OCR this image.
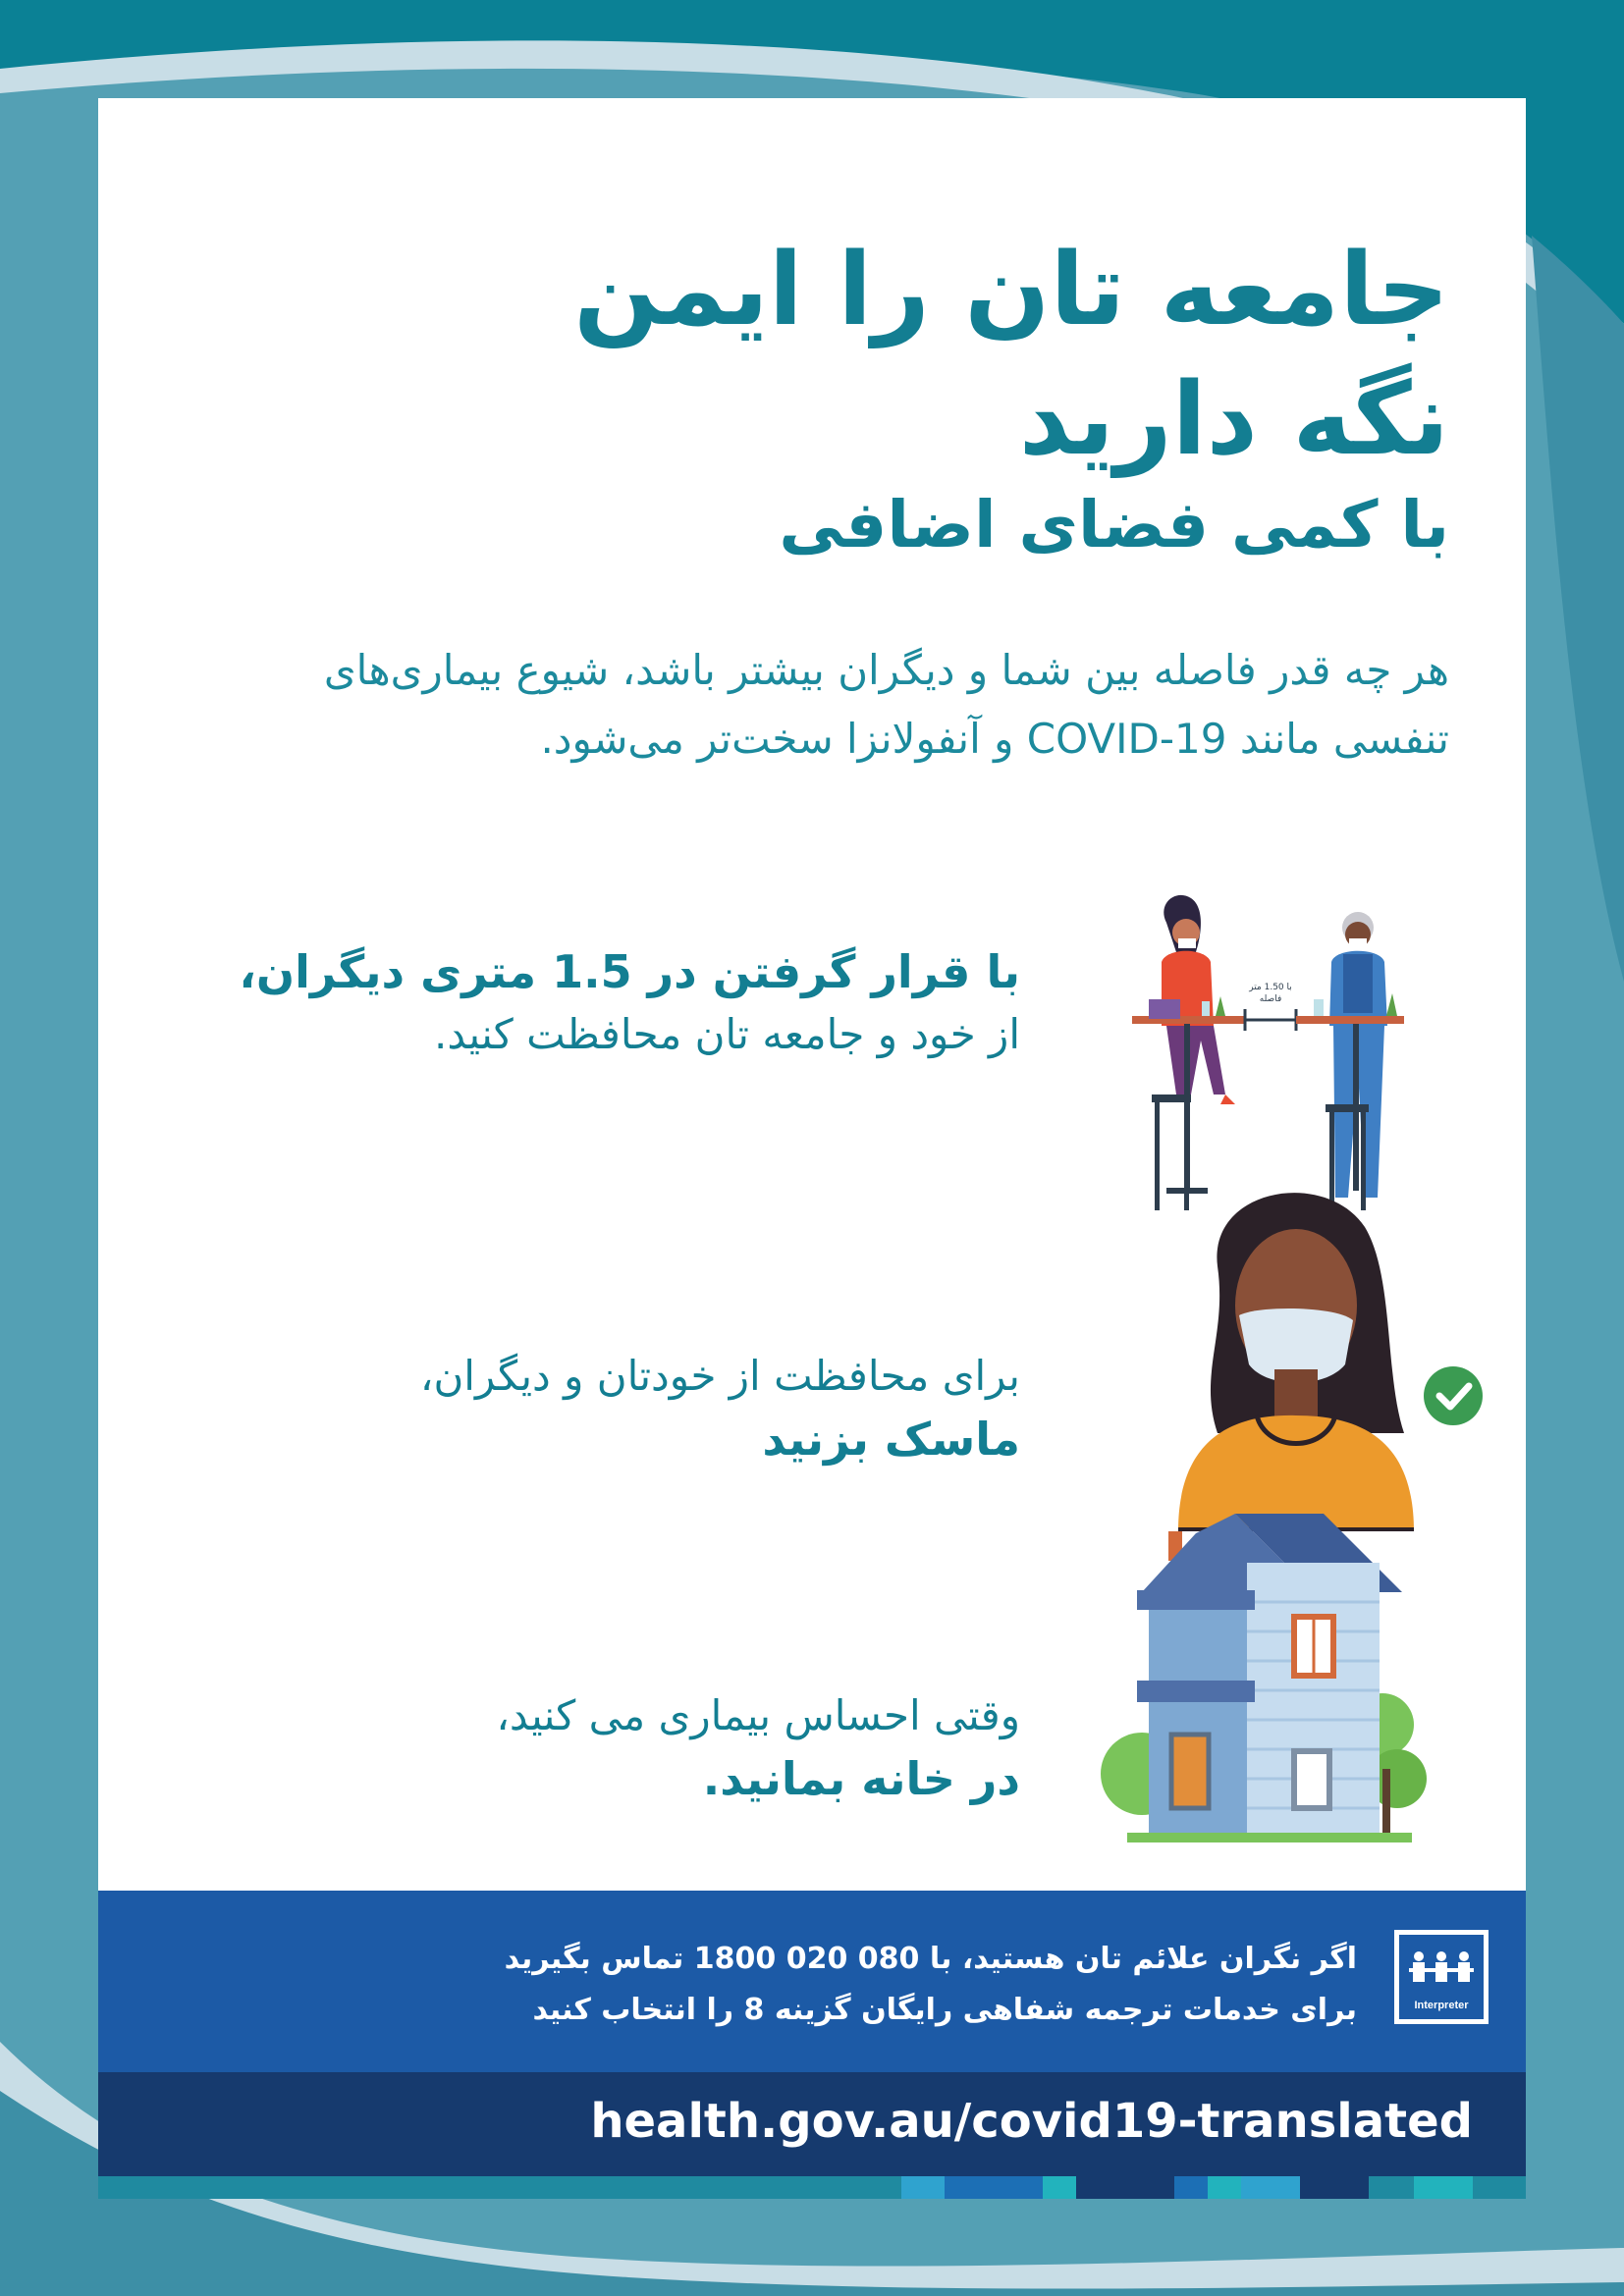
جامعه تان را ایمن
نگه دارید
با کمی فضای اضافی

هر چه قدر فاصله بین شما و دیگران بیشتر باشد، شیوع بیماری‌های
تنفسی مانند COVID-19 و آنفولانزا سخت‌تر می‌شود.

با قرار گرفتن در 1.5 متری دیگران،
از خود و جامعه تان محافظت کنید.
با 1.50 متر
فاصله
برای محافظت از خودتان و دیگران،
ماسک بزنید
وقتی احساس بیماری می کنید،
در خانه بمانید.
اگر نگران علائم تان هستید، با 080 020 1800 تماس بگیرید
برای خدمات ترجمه شفاهی رایگان گزینه 8 را انتخاب کنید	Interpreter

health.gov.au/covid19-translated
